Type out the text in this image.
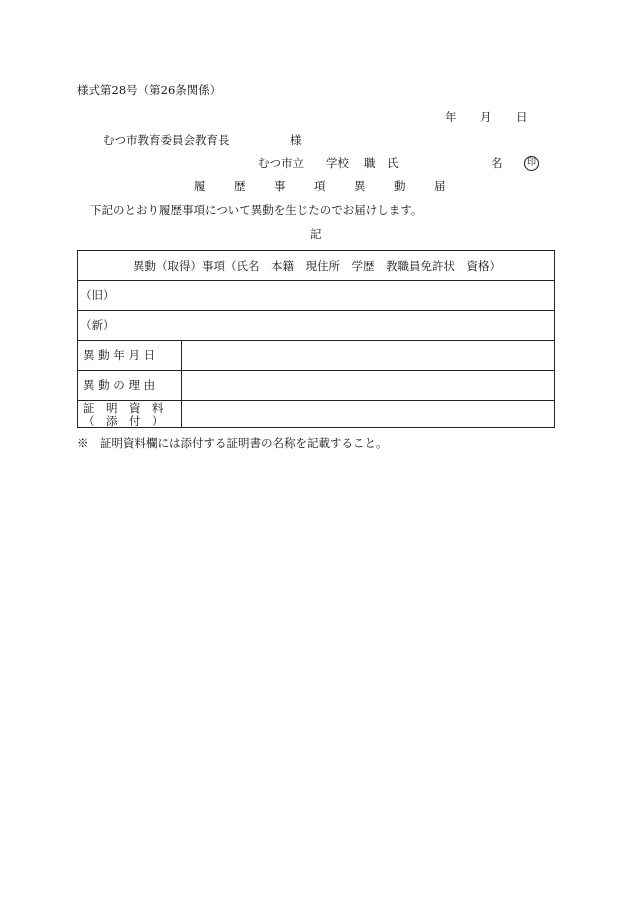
様式第28号（第26条関係）
年 月 日
むつ市教育委員会教育長	様
むつ市立 学校 職 氏	名	印
履 歴 事 項 異 動 届
下記のとおり履歴事項について異動を生じたのでお届けします。
記
異動（取得）事項（氏名　本籍　現住所　学歴　教職員免許状　資格）
（旧）
（新）
異 動 年 月 日
異 動 の 理 由
証　明　資　料
（　添　付　）
※　証明資料欄には添付する証明書の名称を記載すること。
